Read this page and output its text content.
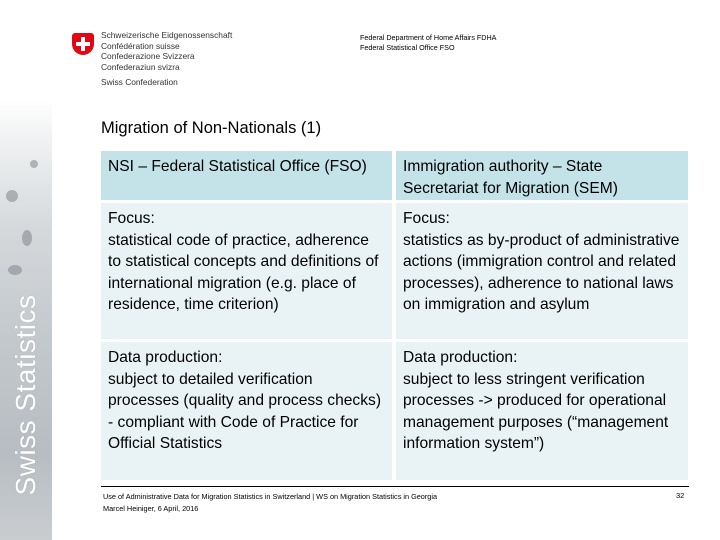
Swiss Statistics
Schweizerische Eidgenossenschaft
Confédération suisse
Confederazione Svizzera
Confederaziun svizra
Swiss Confederation
Federal Department of Home Affairs FDHA
Federal Statistical Office FSO
Migration of Non-Nationals (1)
NSI – Federal Statistical Office (FSO)	Immigration authority – State Secretariat for Migration (SEM)
Focus:
statistical code of practice, adherence to statistical concepts and definitions of international migration (e.g. place of residence, time criterion)
Focus:
statistics as by-product of administrative actions (immigration control and related processes), adherence to national laws on immigration and asylum
Data production:
subject to detailed verification processes (quality and process checks) - compliant with Code of Practice for Official Statistics
Data production:
subject to less stringent verification processes -> produced for operational management purposes (“management information system”)
Use of Administrative Data for Migration Statistics in Switzerland | WS on Migration Statistics in Georgia
Marcel Heiniger, 6 April, 2016
32
